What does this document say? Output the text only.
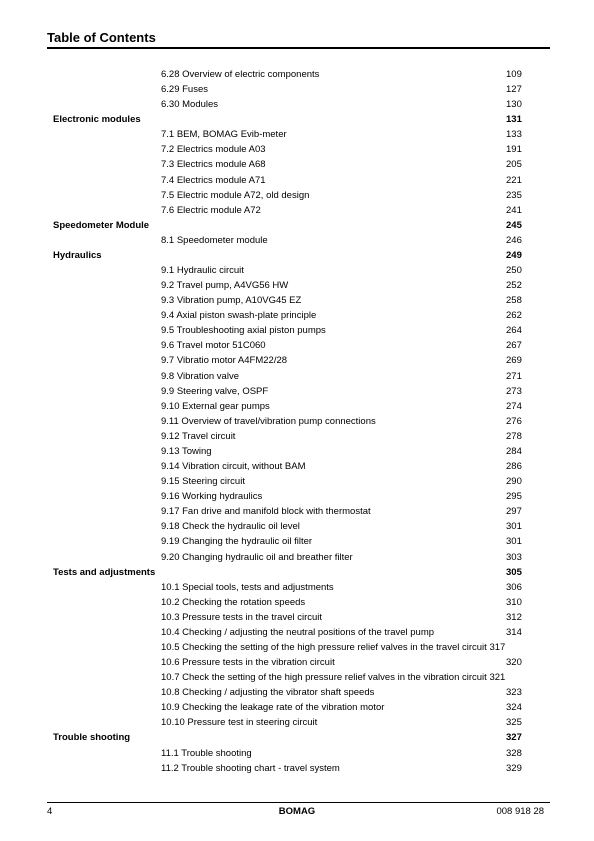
Table of Contents
6.28 Overview of electric components	109
6.29 Fuses	127
6.30 Modules	130
Electronic modules	131
7.1 BEM, BOMAG Evib-meter	133
7.2 Electrics module A03	191
7.3 Electrics module A68	205
7.4 Electrics module A71	221
7.5 Electric module A72, old design	235
7.6 Electric module A72	241
Speedometer Module	245
8.1 Speedometer module	246
Hydraulics	249
9.1 Hydraulic circuit	250
9.2 Travel pump, A4VG56 HW	252
9.3 Vibration pump, A10VG45 EZ	258
9.4 Axial piston swash-plate principle	262
9.5 Troubleshooting axial piston pumps	264
9.6 Travel motor 51C060	267
9.7 Vibratio motor A4FM22/28	269
9.8 Vibration valve	271
9.9 Steering valve, OSPF	273
9.10 External gear pumps	274
9.11 Overview of travel/vibration pump connections	276
9.12 Travel circuit	278
9.13 Towing	284
9.14 Vibration circuit, without BAM	286
9.15 Steering circuit	290
9.16 Working hydraulics	295
9.17 Fan drive and manifold block with thermostat	297
9.18 Check the hydraulic oil level	301
9.19 Changing the hydraulic oil filter	301
9.20 Changing hydraulic oil and breather filter	303
Tests and adjustments	305
10.1 Special tools, tests and adjustments	306
10.2 Checking the rotation speeds	310
10.3 Pressure tests in the travel circuit	312
10.4 Checking / adjusting the neutral positions of the travel pump	314
10.5 Checking the setting of the high pressure relief valves in the travel circuit 317
10.6 Pressure tests in the vibration circuit	320
10.7 Check the setting of the high pressure relief valves in the vibration circuit 321
10.8 Checking / adjusting the vibrator shaft speeds	323
10.9 Checking the leakage rate of the vibration motor	324
10.10 Pressure test in steering circuit	325
Trouble shooting	327
11.1 Trouble shooting	328
11.2 Trouble shooting chart - travel system	329
4	BOMAG	008 918 28
